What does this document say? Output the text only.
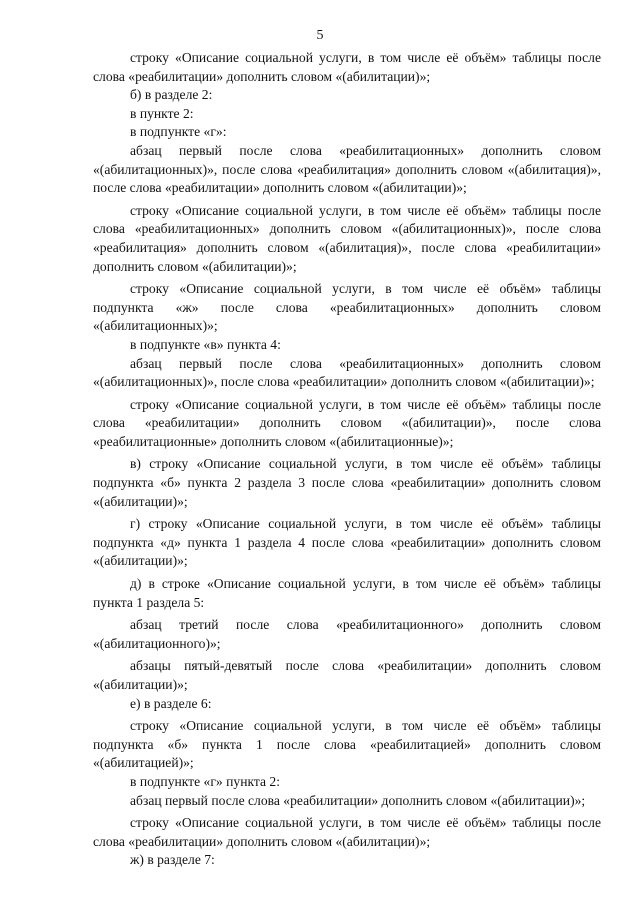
5

строку «Описание социальной услуги, в том числе её объём» таблицы после слова «реабилитации» дополнить словом «(абилитации)»;

б) в разделе 2:

в пункте 2:

в подпункте «г»:

абзац первый после слова «реабилитационных» дополнить словом «(абилитационных)», после слова «реабилитация» дополнить словом «(абилитация)», после слова «реабилитации» дополнить словом «(абилитации)»;

строку «Описание социальной услуги, в том числе её объём» таблицы после слова «реабилитационных» дополнить словом «(абилитационных)», после слова «реабилитация» дополнить словом «(абилитация)», после слова «реабилитации» дополнить словом «(абилитации)»;

строку «Описание социальной услуги, в том числе её объём» таблицы подпункта «ж» после слова «реабилитационных» дополнить словом «(абилитационных)»;

в подпункте «в» пункта 4:

абзац первый после слова «реабилитационных» дополнить словом «(абилитационных)», после слова «реабилитации» дополнить словом «(абилитации)»;

строку «Описание социальной услуги, в том числе её объём» таблицы после слова «реабилитации» дополнить словом «(абилитации)», после слова «реабилитационные» дополнить словом «(абилитационные)»;

в) строку «Описание социальной услуги, в том числе её объём» таблицы подпункта «б» пункта 2 раздела 3 после слова «реабилитации» дополнить словом «(абилитации)»;

г) строку «Описание социальной услуги, в том числе её объём» таблицы подпункта «д» пункта 1 раздела 4 после слова «реабилитации» дополнить словом «(абилитации)»;

д) в строке «Описание социальной услуги, в том числе её объём» таблицы пункта 1 раздела 5:

абзац третий после слова «реабилитационного» дополнить словом «(абилитационного)»;

абзацы пятый-девятый после слова «реабилитации» дополнить словом «(абилитации)»;

е) в разделе 6:

строку «Описание социальной услуги, в том числе её объём» таблицы подпункта «б» пункта 1 после слова «реабилитацией» дополнить словом «(абилитацией)»;

в подпункте «г» пункта 2:

абзац первый после слова «реабилитации» дополнить словом «(абилитации)»;

строку «Описание социальной услуги, в том числе её объём» таблицы после слова «реабилитации» дополнить словом «(абилитации)»;

ж) в разделе 7:
